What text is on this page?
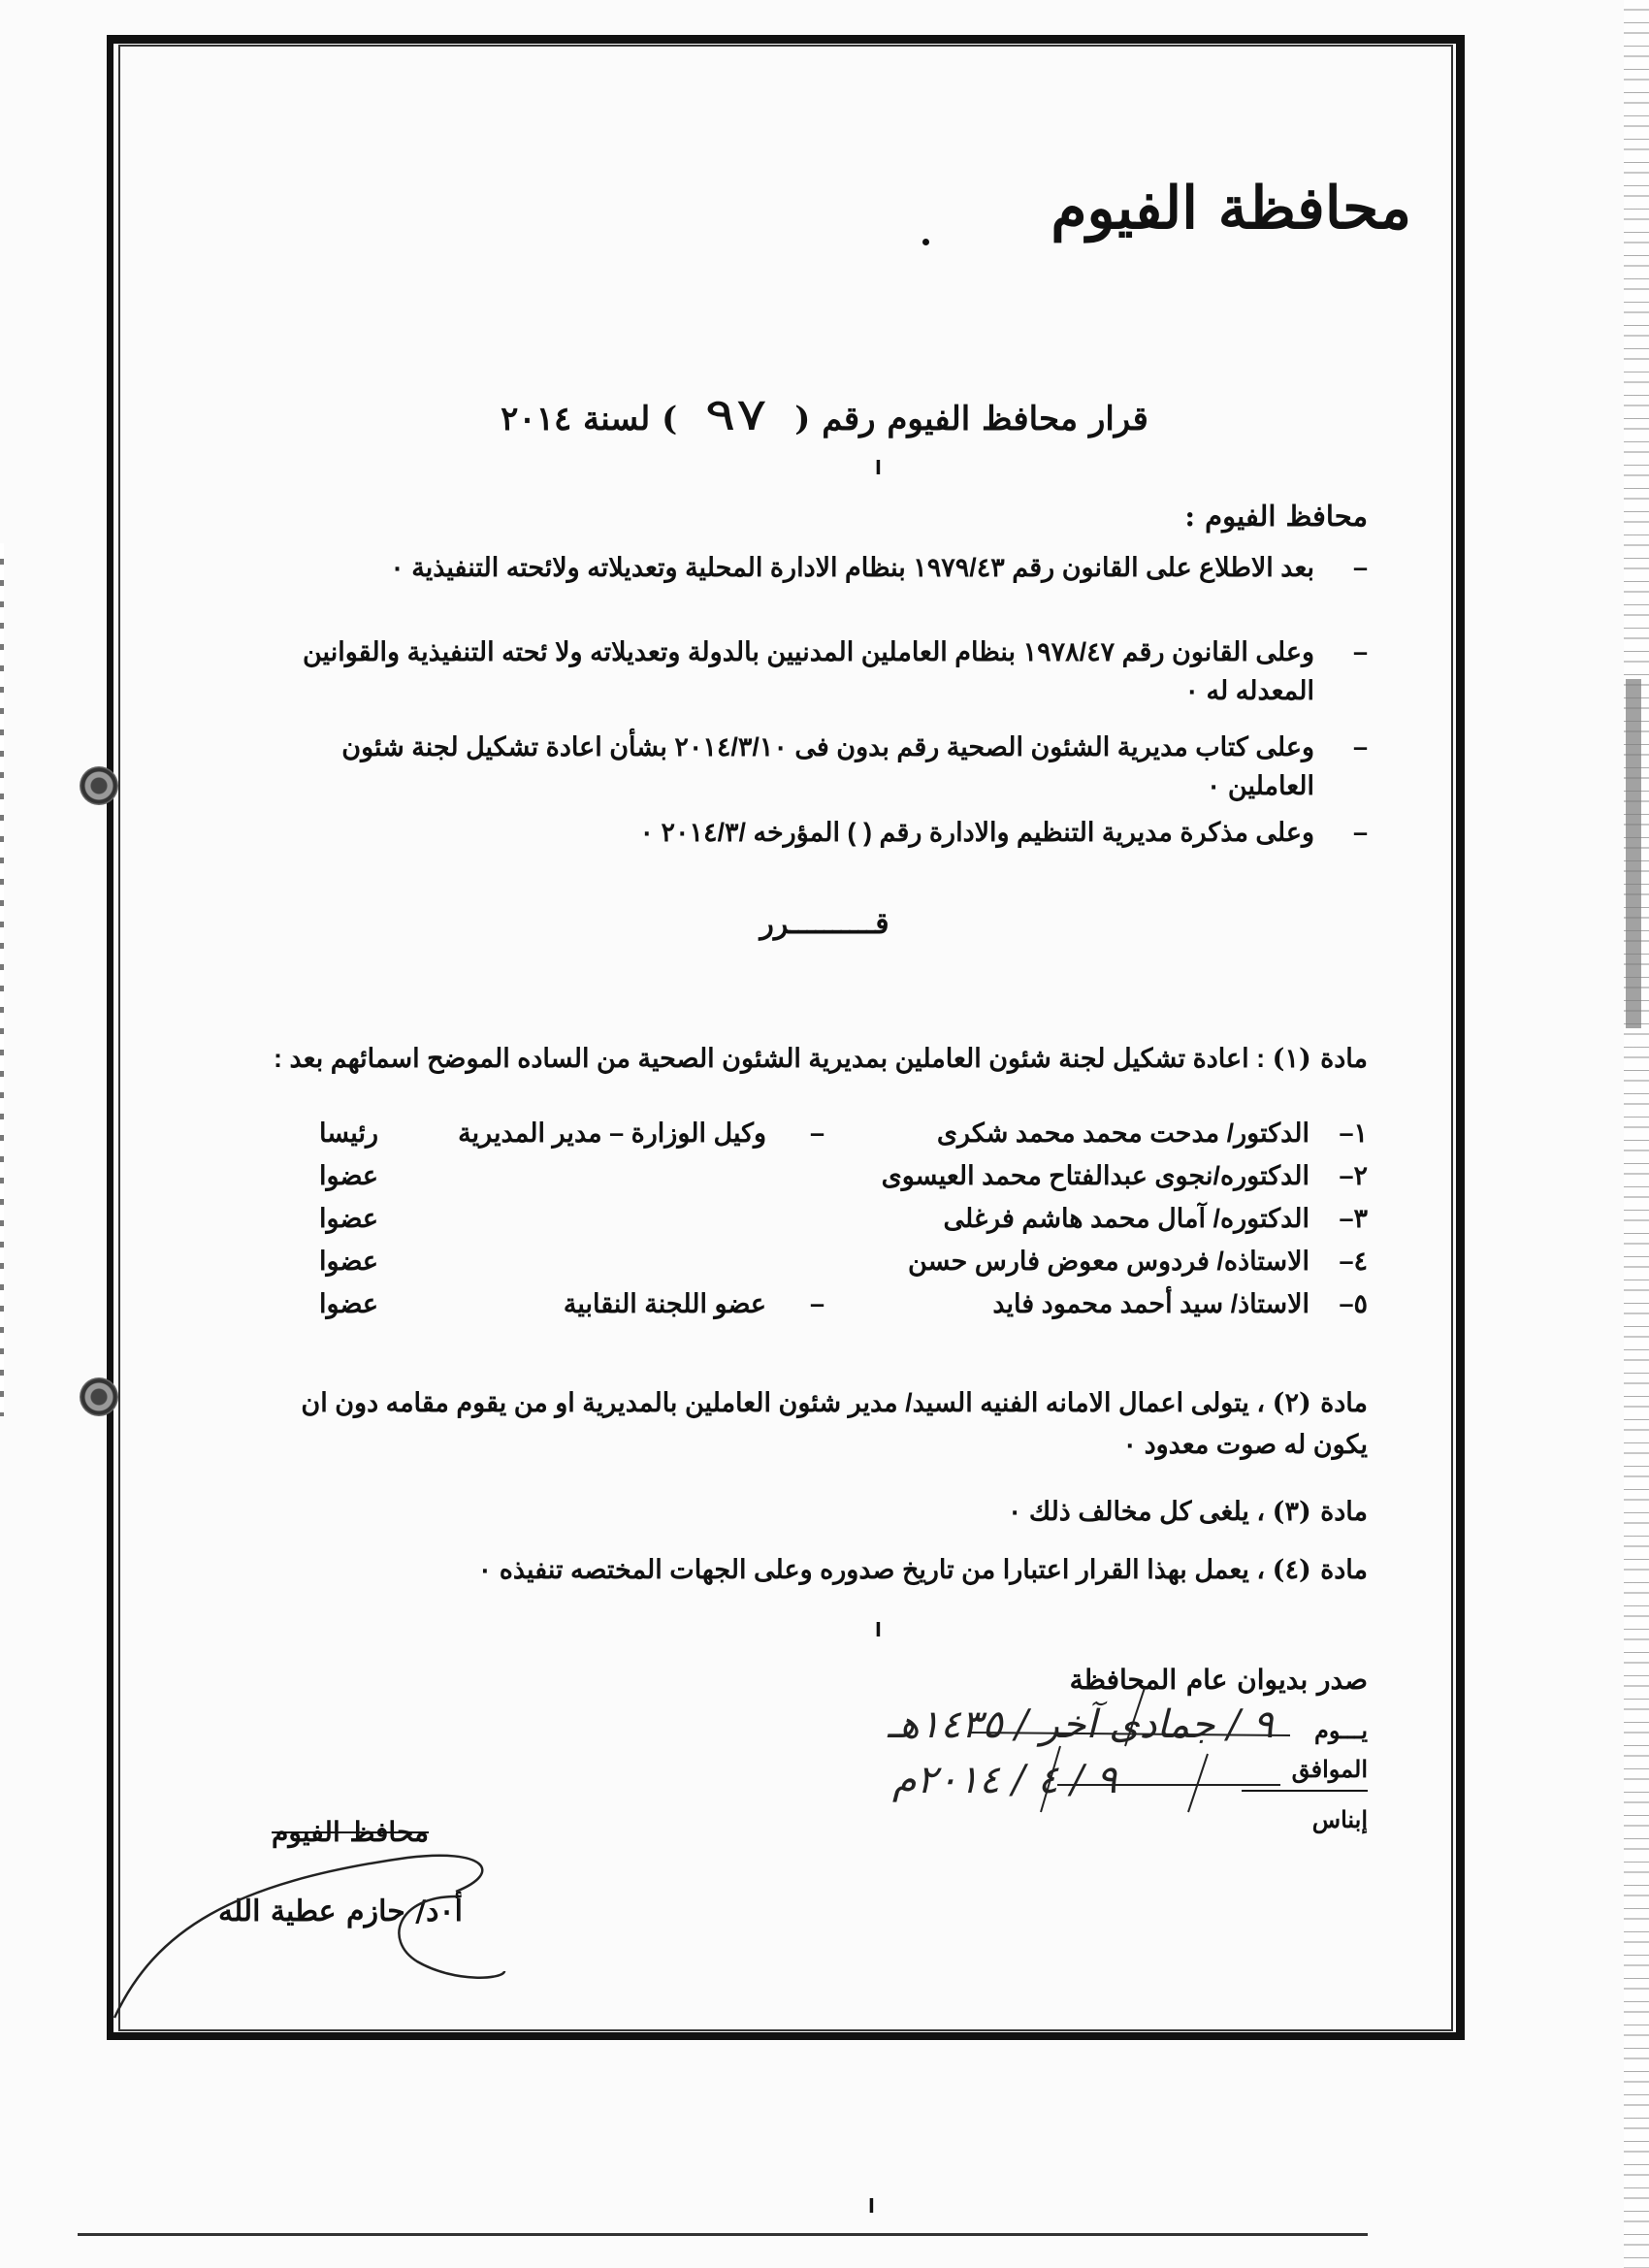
محافظة الفيوم
قرار محافظ الفيوم رقم ( ٩٧ ) لسنة ٢٠١٤
ا
محافظ الفيوم :
–
بعد الاطلاع على القانون رقم ١٩٧٩/٤٣ بنظام الادارة المحلية وتعديلاته ولائحته التنفيذية ٠
–
وعلى القانون رقم ١٩٧٨/٤٧ بنظام العاملين المدنيين بالدولة وتعديلاته ولا ئحته التنفيذية والقوانين المعدله له ٠
–
وعلى كتاب مديرية الشئون الصحية رقم بدون فى ٢٠١٤/٣/١٠ بشأن اعادة تشكيل لجنة شئون العاملين ٠
–
وعلى مذكرة مديرية التنظيم والادارة رقم ( ) المؤرخه /٢٠١٤/٣ ٠
قــــــــــرر
مادة (١) : اعادة تشكيل لجنة شئون العاملين بمديرية الشئون الصحية من الساده الموضح اسمائهم بعد :
١–
الدكتور/ مدحت محمد محمد شكرى
–
وكيل الوزارة – مدير المديرية
رئيسا
٢–
الدكتوره/نجوى عبدالفتاح محمد العيسوى
عضوا
٣–
الدكتوره/ آمال محمد هاشم فرغلى
عضوا
٤–
الاستاذه/ فردوس معوض فارس حسن
عضوا
٥–
الاستاذ/ سيد أحمد محمود فايد
–
عضو اللجنة النقابية
عضوا
مادة (٢) ، يتولى اعمال الامانه الفنيه السيد/ مدير شئون العاملين بالمديرية او من يقوم مقامه دون ان يكون له صوت معدود ٠
مادة (٣) ، يلغى كل مخالف ذلك ٠
مادة (٤) ، يعمل بهذا القرار اعتبارا من تاريخ صدوره وعلى الجهات المختصه تنفيذه ٠
ا
صدر بديوان عام المحافظة
يـــوم
الموافق
إبناس
٩ / جمادى آخر / ١٤٣٥هـ
٩ / ٤ / ٢٠١٤م
محافظ الفيوم
أ٠د/ حازم عطية الله
ا
